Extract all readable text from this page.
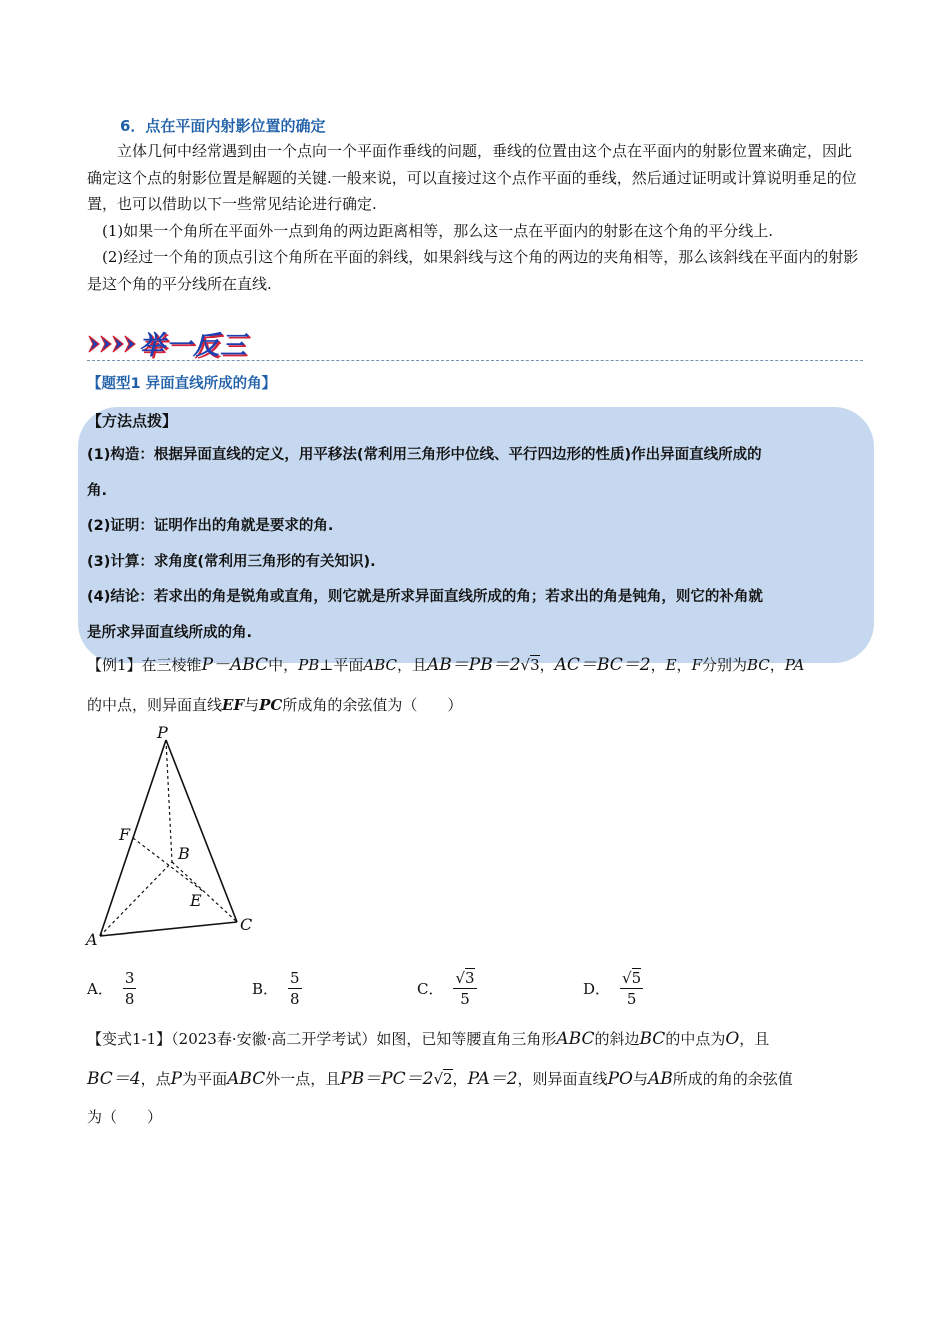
6．点在平面内射影位置的确定

立体几何中经常遇到由一个点向一个平面作垂线的问题，垂线的位置由这个点在平面内的射影位置来确定，因此确定这个点的射影位置是解题的关键.一般来说，可以直接过这个点作平面的垂线，然后通过证明或计算说明垂足的位置，也可以借助以下一些常见结论进行确定.

(1)如果一个角所在平面外一点到角的两边距离相等，那么这一点在平面内的射影在这个角的平分线上.

(2)经过一个角的顶点引这个角所在平面的斜线，如果斜线与这个角的两边的夹角相等，那么该斜线在平面内的射影是这个角的平分线所在直线.

举一反三
【题型1 异面直线所成的角】
【方法点拨】

(1)构造：根据异面直线的定义，用平移法(常利用三角形中位线、平行四边形的性质)作出异面直线所成的

角.

(2)证明：证明作出的角就是要求的角.

(3)计算：求角度(常利用三角形的有关知识).

(4)结论：若求出的角是锐角或直角，则它就是所求异面直线所成的角；若求出的角是钝角，则它的补角就

是所求异面直线所成的角.

【例1】在三棱锥P－ABC中，PB⊥平面ABC，且AB＝PB＝2√3，AC＝BC＝2，E，F分别为BC，PA
的中点，则异面直线EF与PC所成角的余弦值为（　　）
P
F
B
E
A
C
A． $\frac{3}{8}$	B． $\frac{5}{8}$	C． $\frac{√3}{5}$	D． $\frac{√5}{5}$
【变式1-1】（2023春·安徽·高二开学考试）如图，已知等腰直角三角形ABC的斜边BC的中点为O，且
BC＝4，点P为平面ABC外一点，且PB＝PC＝2√2，PA＝2，则异面直线PO与AB所成的角的余弦值
为（　　）
